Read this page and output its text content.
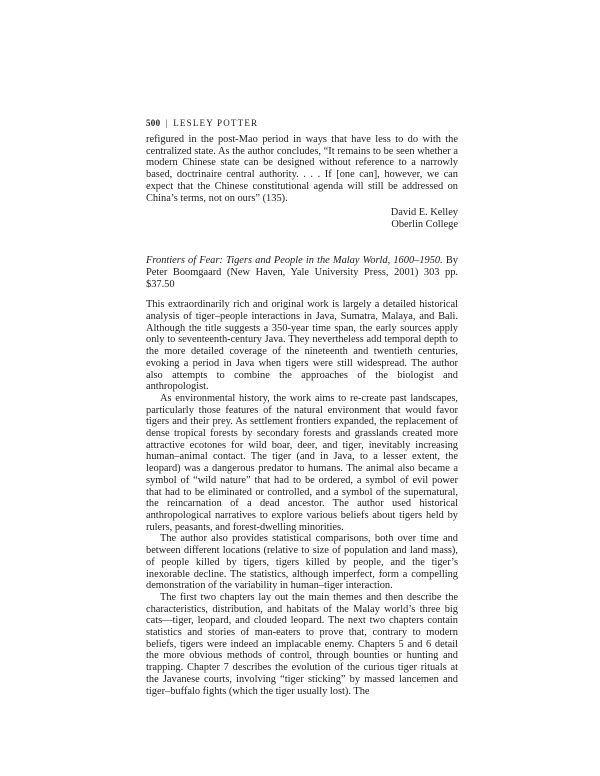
500 | LESLEY POTTER

refigured in the post-Mao period in ways that have less to do with the centralized state. As the author concludes, “It remains to be seen whether a modern Chinese state can be designed without reference to a narrowly based, doctrinaire central authority. . . . If [one can], however, we can expect that the Chinese constitutional agenda will still be addressed on China’s terms, not on ours” (135).

David E. Kelley
Oberlin College
Frontiers of Fear: Tigers and People in the Malay World, 1600–1950. By Peter Boomgaard (New Haven, Yale University Press, 2001) 303 pp. $37.50

This extraordinarily rich and original work is largely a detailed historical analysis of tiger–people interactions in Java, Sumatra, Malaya, and Bali. Although the title suggests a 350-year time span, the early sources apply only to seventeenth-century Java. They nevertheless add temporal depth to the more detailed coverage of the nineteenth and twentieth centuries, evoking a period in Java when tigers were still widespread. The author also attempts to combine the approaches of the biologist and anthropologist.

As environmental history, the work aims to re-create past landscapes, particularly those features of the natural environment that would favor tigers and their prey. As settlement frontiers expanded, the replacement of dense tropical forests by secondary forests and grasslands created more attractive ecotones for wild boar, deer, and tiger, inevitably increasing human–animal contact. The tiger (and in Java, to a lesser extent, the leopard) was a dangerous predator to humans. The animal also became a symbol of “wild nature” that had to be ordered, a symbol of evil power that had to be eliminated or controlled, and a symbol of the supernatural, the reincarnation of a dead ancestor. The author used historical anthropological narratives to explore various beliefs about tigers held by rulers, peasants, and forest-dwelling minorities.

The author also provides statistical comparisons, both over time and between different locations (relative to size of population and land mass), of people killed by tigers, tigers killed by people, and the tiger’s inexorable decline. The statistics, although imperfect, form a compelling demonstration of the variability in human–tiger interaction.

The first two chapters lay out the main themes and then describe the characteristics, distribution, and habitats of the Malay world’s three big cats—tiger, leopard, and clouded leopard. The next two chapters contain statistics and stories of man-eaters to prove that, contrary to modern beliefs, tigers were indeed an implacable enemy. Chapters 5 and 6 detail the more obvious methods of control, through bounties or hunting and trapping. Chapter 7 describes the evolution of the curious tiger rituals at the Javanese courts, involving “tiger sticking” by massed lancemen and tiger–buffalo fights (which the tiger usually lost). The
